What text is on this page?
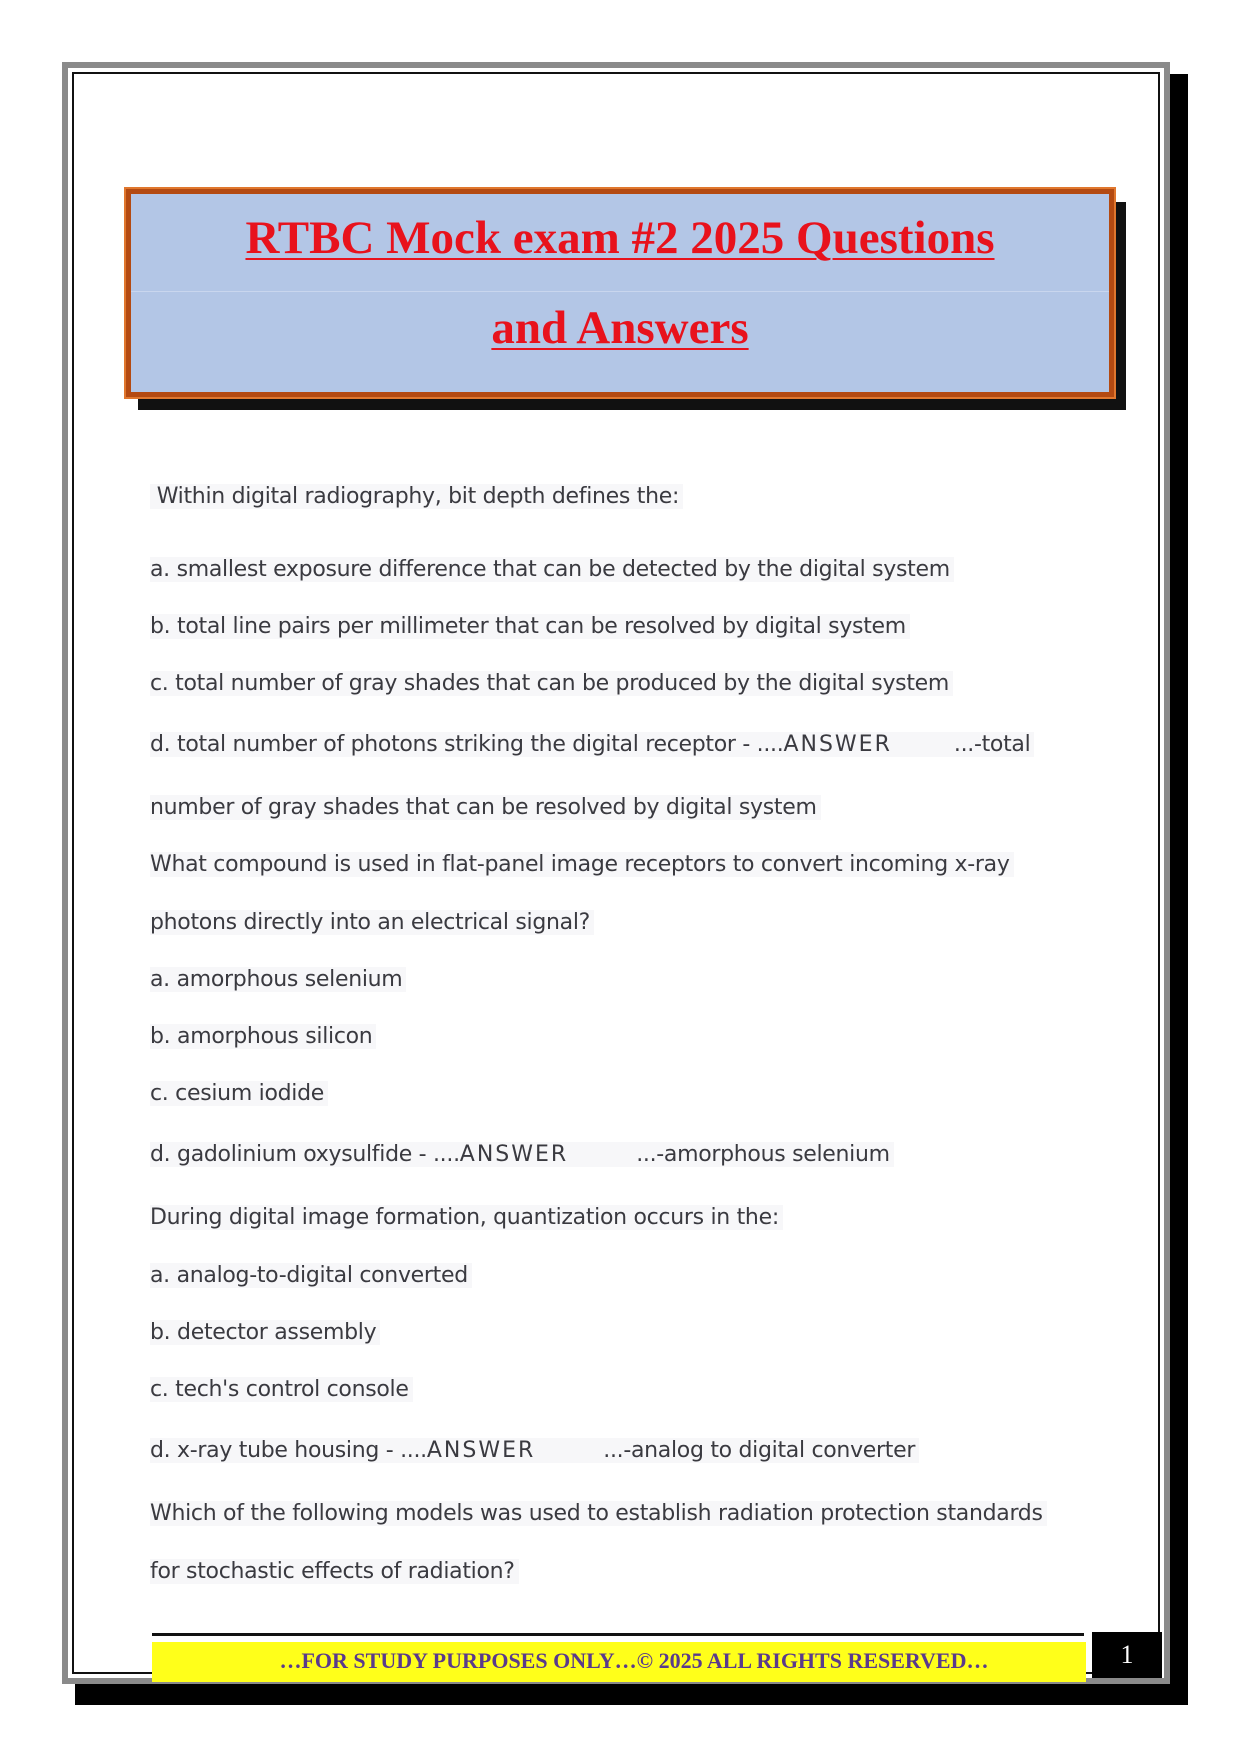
RTBC Mock exam #2 2025 Questions
and Answers
Within digital radiography, bit depth defines the:
a. smallest exposure difference that can be detected by the digital system
b. total line pairs per millimeter that can be resolved by digital system
c. total number of gray shades that can be produced by the digital system
d. total number of photons striking the digital receptor - ....ANSWER	...-total
number of gray shades that can be resolved by digital system
What compound is used in flat-panel image receptors to convert incoming x-ray
photons directly into an electrical signal?
a. amorphous selenium
b. amorphous silicon
c. cesium iodide
d. gadolinium oxysulfide - ....ANSWER	...-amorphous selenium
During digital image formation, quantization occurs in the:
a. analog-to-digital converted
b. detector assembly
c. tech's control console
d. x-ray tube housing - ....ANSWER	...-analog to digital converter
Which of the following models was used to establish radiation protection standards
for stochastic effects of radiation?
…FOR STUDY PURPOSES ONLY…© 2025 ALL RIGHTS RESERVED…	1
